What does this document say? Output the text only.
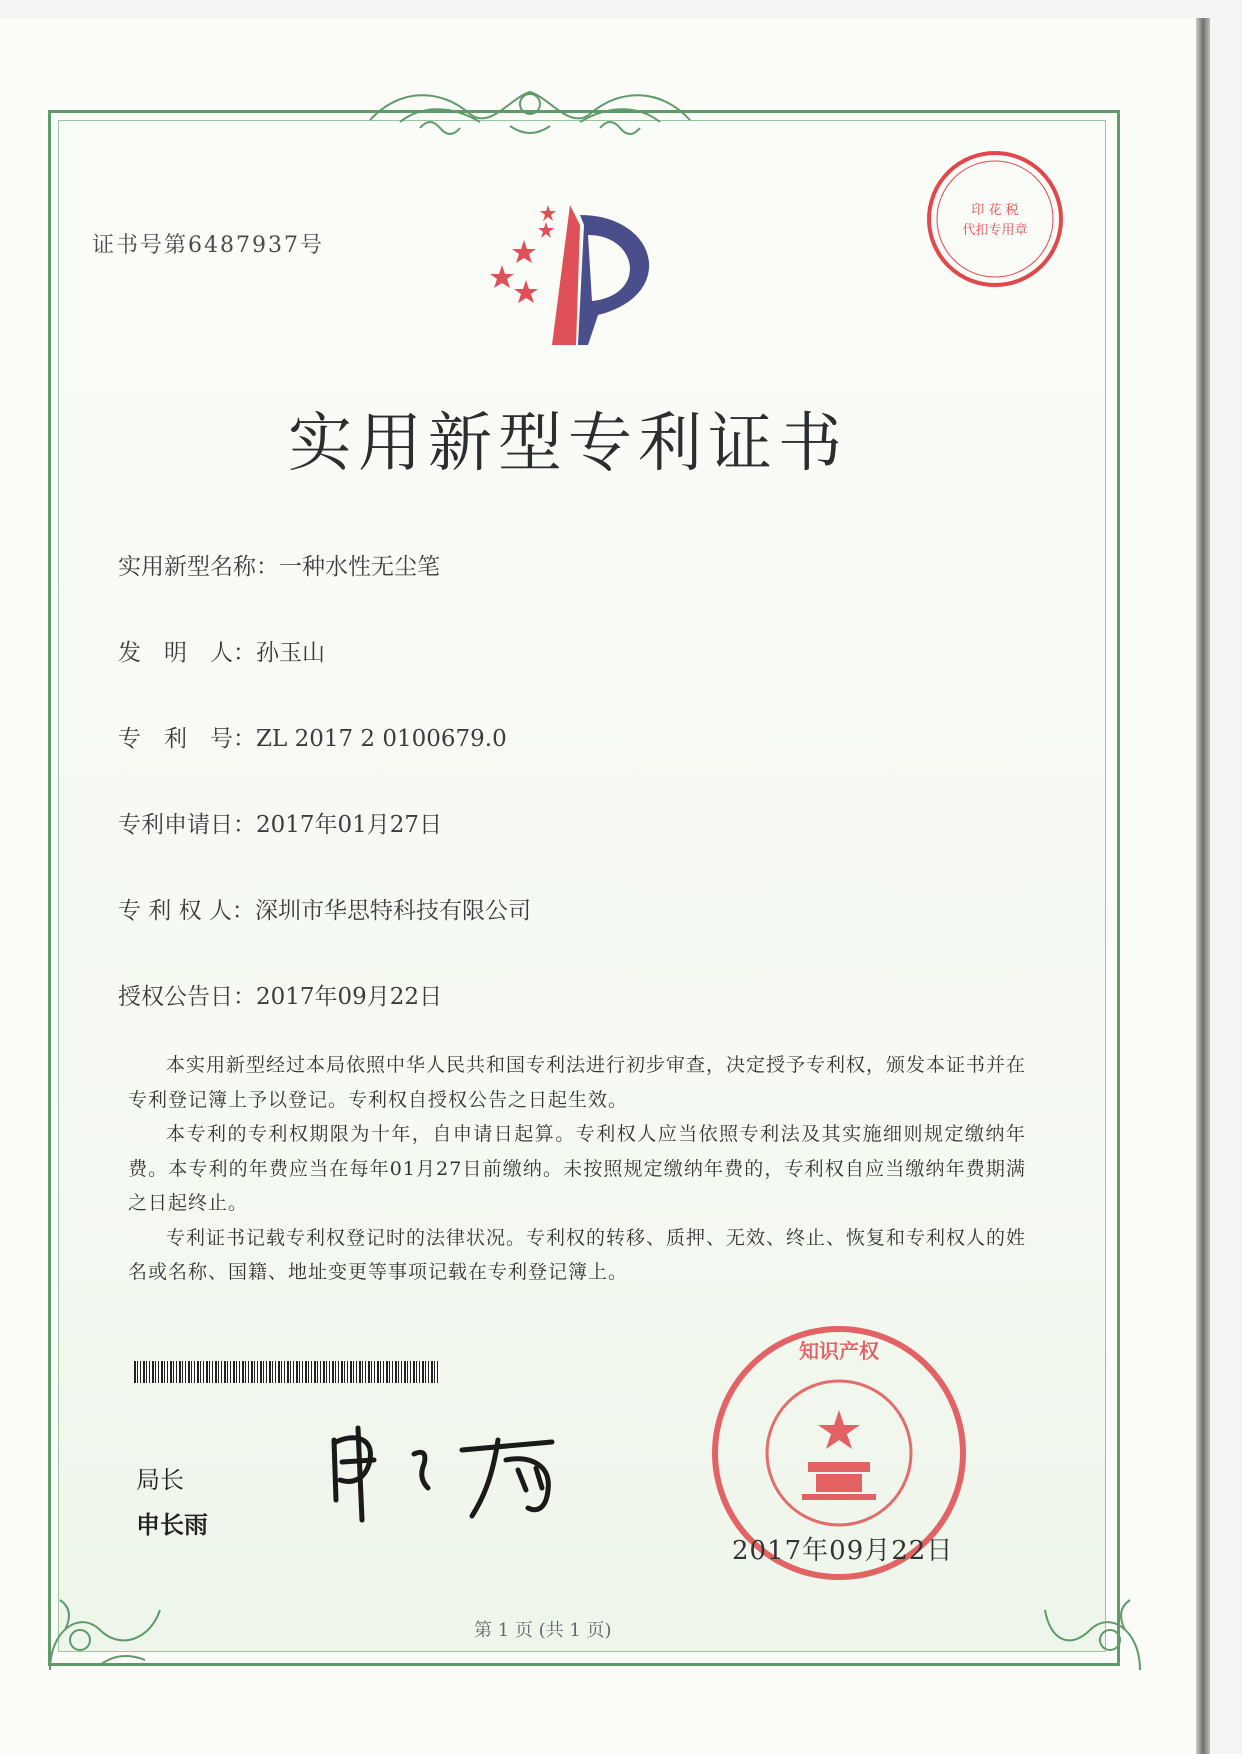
证书号第6487937号
印 花 税
代扣专用章
实用新型专利证书
实用新型名称：一种水性无尘笔
发　明　人：孙玉山
专　利　号：ZL 2017 2 0100679.0
专利申请日：2017年01月27日
专 利 权 人：深圳市华思特科技有限公司
授权公告日：2017年09月22日

本实用新型经过本局依照中华人民共和国专利法进行初步审查，决定授予专利权，颁发本证书并在专利登记簿上予以登记。专利权自授权公告之日起生效。

本专利的专利权期限为十年，自申请日起算。专利权人应当依照专利法及其实施细则规定缴纳年费。本专利的年费应当在每年01月27日前缴纳。未按照规定缴纳年费的，专利权自应当缴纳年费期满之日起终止。

专利证书记载专利权登记时的法律状况。专利权的转移、质押、无效、终止、恢复和专利权人的姓名或名称、国籍、地址变更等事项记载在专利登记簿上。

局长
申长雨
知识产权
2017年09月22日
第 1 页 (共 1 页)
